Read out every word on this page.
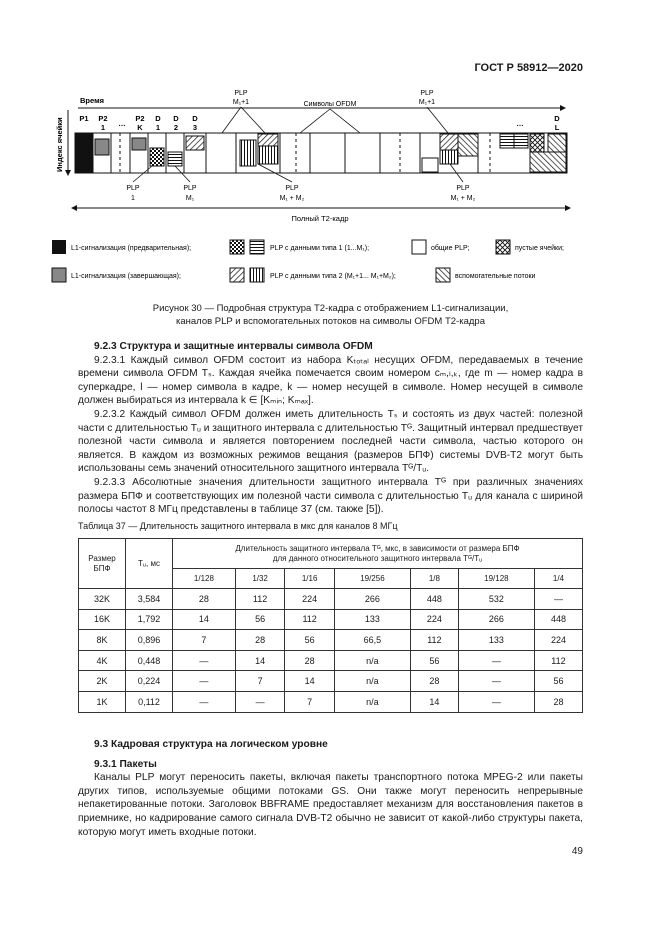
ГОСТ Р 58912—2020
Время
Индекс ячейки P1 P2
1 …
P2
K
D
1
D
2
D
3	…
D
L
PLP
M₁+1	Символы OFDM
PLP
M₁+1
PLP
1
PLP
M₁
PLP
M₁ + M₂
PLP
M₁ + M₂
Полный Т2-кадр
L1-сигнализация (предварительная);	PLP с данными типа 1 (1...M₁);	общие PLP;	пустые ячейки;
L1-сигнализация (завершающая);	PLP с данными типа 2 (M₁+1... M₁+M₂);	вспомогательные потоки
Рисунок 30 — Подробная структура Т2-кадра с отображением L1-сигнализации,
каналов PLP и вспомогательных потоков на символы OFDM Т2-кадра

9.2.3 Структура и защитные интервалы символа OFDM

9.2.3.1 Каждый символ OFDM состоит из набора Kₜₒₜₐₗ несущих OFDM, передаваемых в течение времени символа OFDM Tₛ. Каждая ячейка помечается своим номером cₘ,ₗ,ₖ, где m — номер кадра в суперкадре, l — номер символа в кадре, k — номер несущей в символе. Номер несущей в символе должен выбираться из интервала k ∈ [Kₘᵢₙ; Kₘₐₓ].

9.2.3.2 Каждый символ OFDM должен иметь длительность Tₛ и состоять из двух частей: полезной части с длительностью Tᵤ и защитного интервала с длительностью Tᴳ. Защитный интервал предшествует полезной части символа и является повторением последней части символа, частью которого он является. В каждом из возможных режимов вещания (размеров БПФ) системы DVB-T2 могут быть использованы семь значений относительного защитного интервала Tᴳ/Tᵤ.

9.2.3.3 Абсолютные значения длительности защитного интервала Tᴳ при различных значениях размера БПФ и соответствующих им полезной части символа с длительностью Tᵤ для канала с шириной полосы частот 8 МГц представлены в таблице 37 (см. также [5]).

Таблица 37 — Длительность защитного интервала в мкс для каналов 8 МГц
Размер БПФ	Tᵤ, мс	Длительность защитного интервала Tᴳ, мкс, в зависимости от размера БПФ
для данного относительного защитного интервала Tᴳ/Tᵤ						

		1/128	1/32	1/16	19/256	1/8	19/128	1/4
32K	3,584	28	112	224	266	448	532	—
16K	1,792	14	56	112	133	224	266	448
8K	0,896	7	28	56	66,5	112	133	224
4K	0,448	—	14	28	n/a	56	—	112
2K	0,224	—	7	14	n/a	28	—	56
1K	0,112	—	—	7	n/a	14	—	28

9.3 Кадровая структура на логическом уровне

9.3.1 Пакеты

Каналы PLP могут переносить пакеты, включая пакеты транспортного потока MPEG-2 или пакеты других типов, используемые общими потоками GS. Они также могут переносить непрерывные непакетированные потоки. Заголовок BBFRAME предоставляет механизм для восстановления пакетов в приемнике, но кадрирование самого сигнала DVB-T2 обычно не зависит от какой-либо структуры пакета, которую могут иметь входные потоки.

49
